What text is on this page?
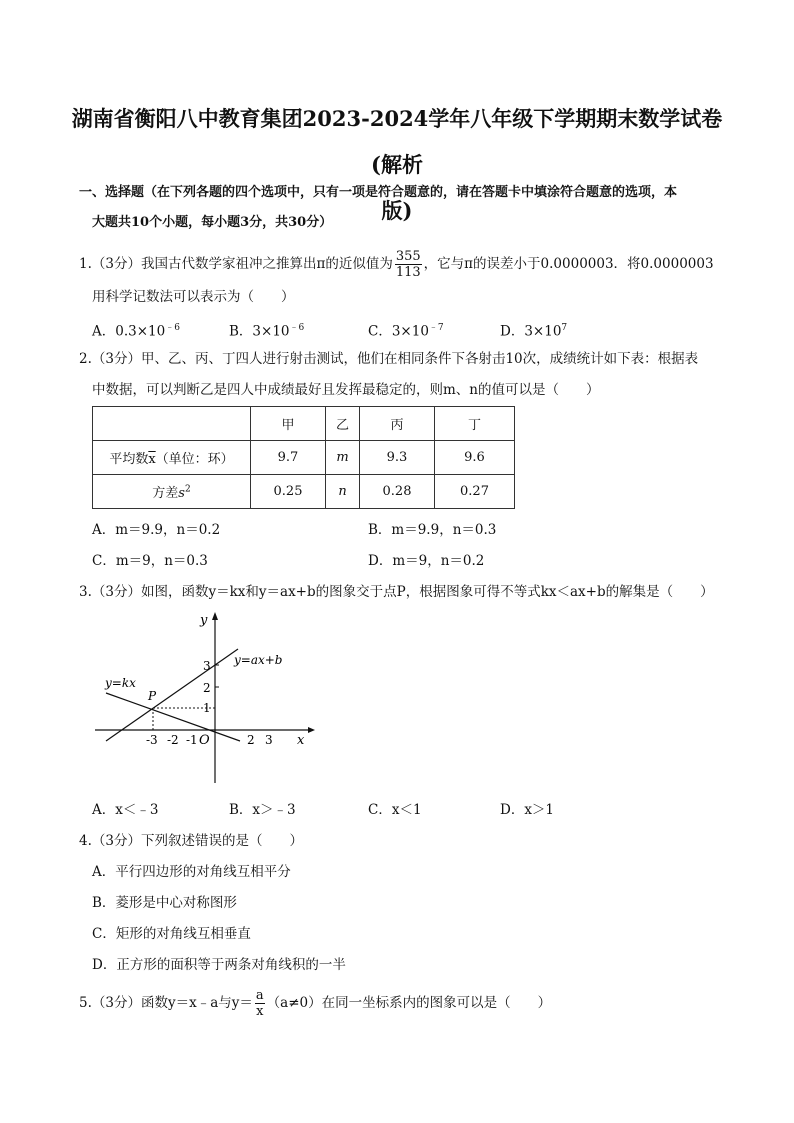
湖南省衡阳八中教育集团2023-2024学年八年级下学期期末数学试卷(解析
版)
一、选择题（在下列各题的四个选项中，只有一项是符合题意的，请在答题卡中填涂符合题意的选项，本
大题共10个小题，每小题3分，共30分）
1.（3分）我国古代数学家祖冲之推算出π的近似值为 $\frac{355}{113}$ ，它与π的误差小于0.0000003．将0.0000003
用科学记数法可以表示为（　　）
A．$0.3\times 10^{﹣6}$	B．$3\times 10^{﹣6}$	C．$3\times 10^{﹣7}$	D．$3\times 10^7$
2.（3分）甲、乙、丙、丁四人进行射击测试，他们在相同条件下各射击10次，成绩统计如下表：根据表
中数据，可以判断乙是四人中成绩最好且发挥最稳定的，则m、n的值可以是（　　）
	甲	乙	丙	丁
平均数$\overline{x}$（单位：环）	9.7	m	9.3	9.6
方差$s^2$	0.25	n	0.28	0.27
A．m＝9.9，n＝0.2	B．m＝9.9，n＝0.3
C．m＝9，n＝0.3	D．m＝9，n＝0.2
3.（3分）如图，函数y＝kx和y＝ax+b的图象交于点P，根据图象可得不等式kx＜ax+b的解集是（　　）
y
x
O
y=kx
y=ax+b
P
-3 -2 -1	2 3
3
2
1
A．x＜﹣3	B．x＞﹣3	C．x＜1	D．x＞1
4.（3分）下列叙述错误的是（　　）
A．平行四边形的对角线互相平分
B．菱形是中心对称图形
C．矩形的对角线互相垂直
D．正方形的面积等于两条对角线积的一半
5.（3分）函数y＝x﹣a与$y= \frac{a}{x} (a\ne 0)$在同一坐标系内的图象可以是（　　）
